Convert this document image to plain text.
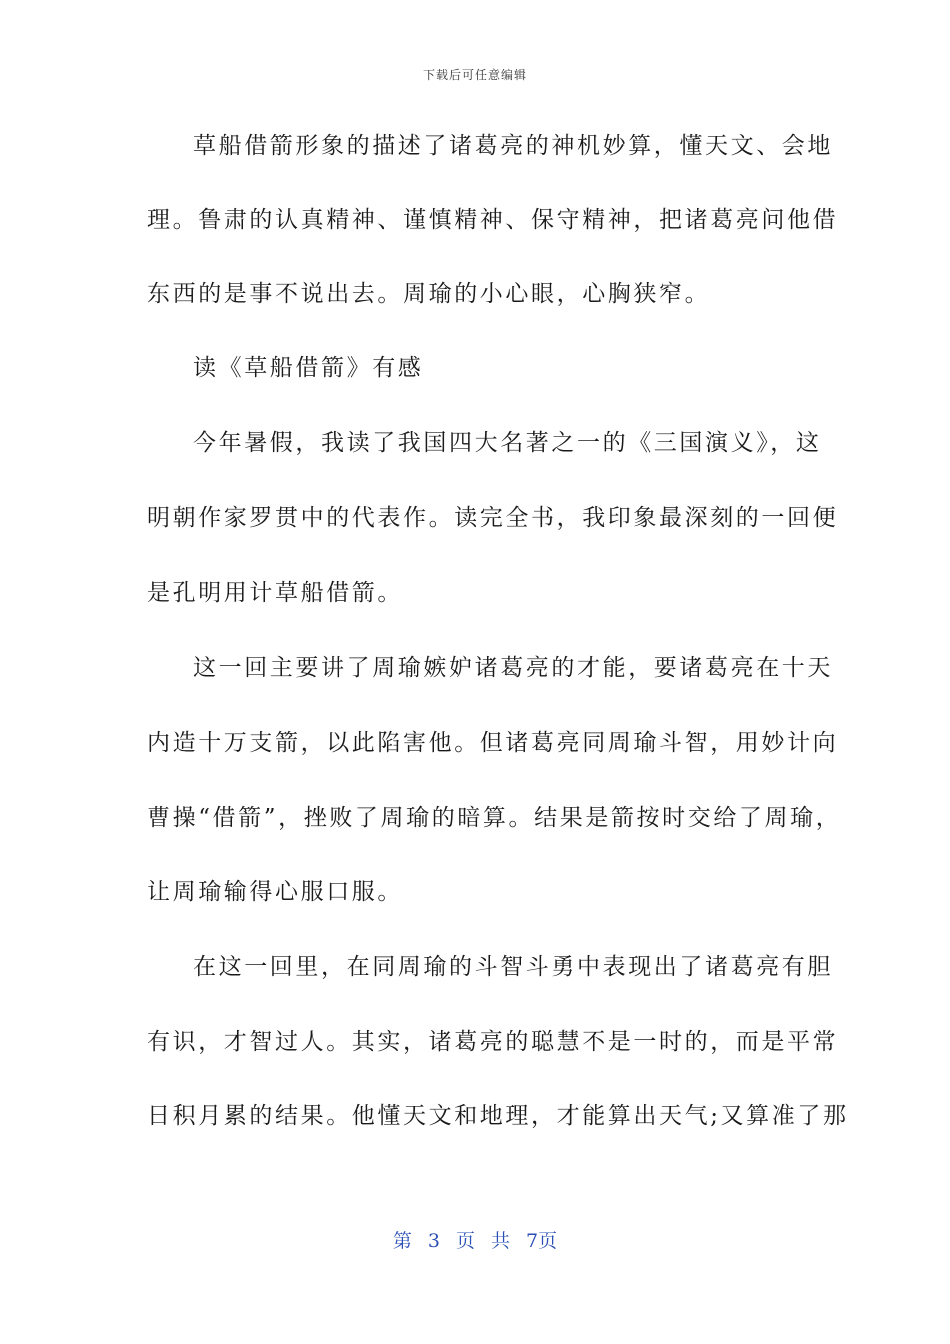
下载后可任意编辑
草船借箭形象的描述了诸葛亮的神机妙算，懂天文、会地
理。鲁肃的认真精神、谨慎精神、保守精神，把诸葛亮问他借
东西的是事不说出去。周瑜的小心眼，心胸狭窄。
读《草船借箭》有感
今年暑假，我读了我国四大名著之一的《三国演义》，这
明朝作家罗贯中的代表作。读完全书，我印象最深刻的一回便
是孔明用计草船借箭。
这一回主要讲了周瑜嫉妒诸葛亮的才能，要诸葛亮在十天
内造十万支箭，以此陷害他。但诸葛亮同周瑜斗智，用妙计向
曹操“借箭”，挫败了周瑜的暗算。结果是箭按时交给了周瑜，
让周瑜输得心服口服。
在这一回里，在同周瑜的斗智斗勇中表现出了诸葛亮有胆
有识，才智过人。其实，诸葛亮的聪慧不是一时的，而是平常
日积月累的结果。他懂天文和地理，才能算出天气;又算准了那
第 3 页 共 7页
